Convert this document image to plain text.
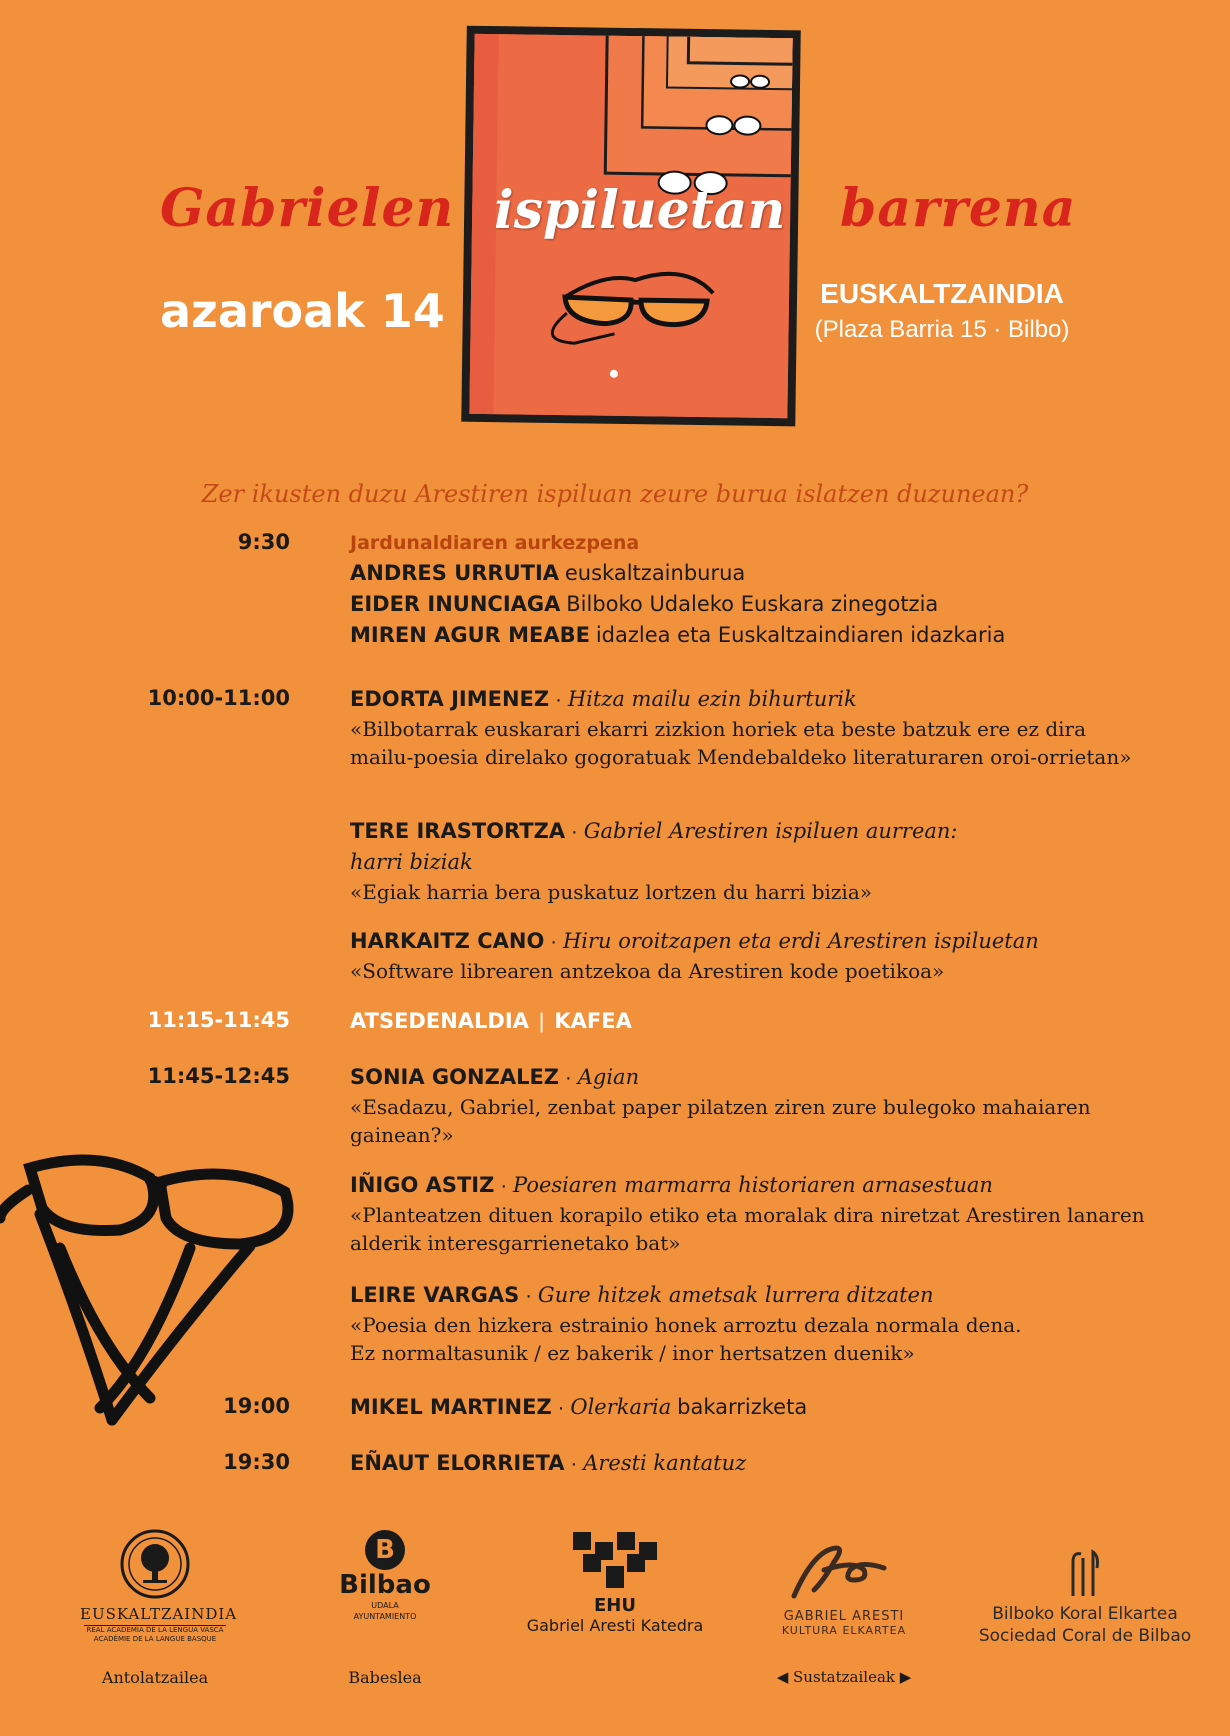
Gabrielen ispiluetan barrena
azaroak 14	EUSKALTZAINDIA
(Plaza Barria 15 · Bilbo)
Zer ikusten duzu Arestiren ispiluan zeure burua islatzen duzunean?
9:30	Jardunaldiaren aurkezpena
ANDRES URRUTIA euskaltzainburua
EIDER INUNCIAGA Bilboko Udaleko Euskara zinegotzia
MIREN AGUR MEABE idazlea eta Euskaltzaindiaren idazkaria
10:00-11:00	EDORTA JIMENEZ · Hitza mailu ezin bihurturik
«Bilbotarrak euskarari ekarri zizkion horiek eta beste batzuk ere ez dira mailu-poesia direlako gogoratuak Mendebaldeko literaturaren oroi-orrietan»
TERE IRASTORTZA · Gabriel Arestiren ispiluen aurrean:
harri biziak
«Egiak harria bera puskatuz lortzen du harri bizia»
HARKAITZ CANO · Hiru oroitzapen eta erdi Arestiren ispiluetan
«Software librearen antzekoa da Arestiren kode poetikoa»
11:15-11:45	ATSEDENALDIA | KAFEA
11:45-12:45	SONIA GONZALEZ · Agian
«Esadazu, Gabriel, zenbat paper pilatzen ziren zure bulegoko mahaiaren gainean?»
IÑIGO ASTIZ · Poesiaren marmarra historiaren arnasestuan
«Planteatzen dituen korapilo etiko eta moralak dira niretzat Arestiren lanaren alderik interesgarrienetako bat»
LEIRE VARGAS · Gure hitzek ametsak lurrera ditzaten
«Poesia den hizkera estrainio honek arroztu dezala normala dena.
Ez normaltasunik / ez bakerik / inor hertsatzen duenik»
19:00	MIKEL MARTINEZ · Olerkaria bakarrizketa
19:30	EÑAUT ELORRIETA · Aresti kantatuz
EUSKALTZAINDIA
REAL ACADEMIA DE LA LENGUA VASCA
ACADÉMIE DE LA LANGUE BASQUE
Antolatzailea
B
Bilbao
UDALA
AYUNTAMIENTO
Babeslea
EHU
Gabriel Aresti Katedra	GABRIEL ARESTI
KULTURA ELKARTEA
◀ Sustatzaileak ▶
Bilboko Koral Elkartea
Sociedad Coral de Bilbao
